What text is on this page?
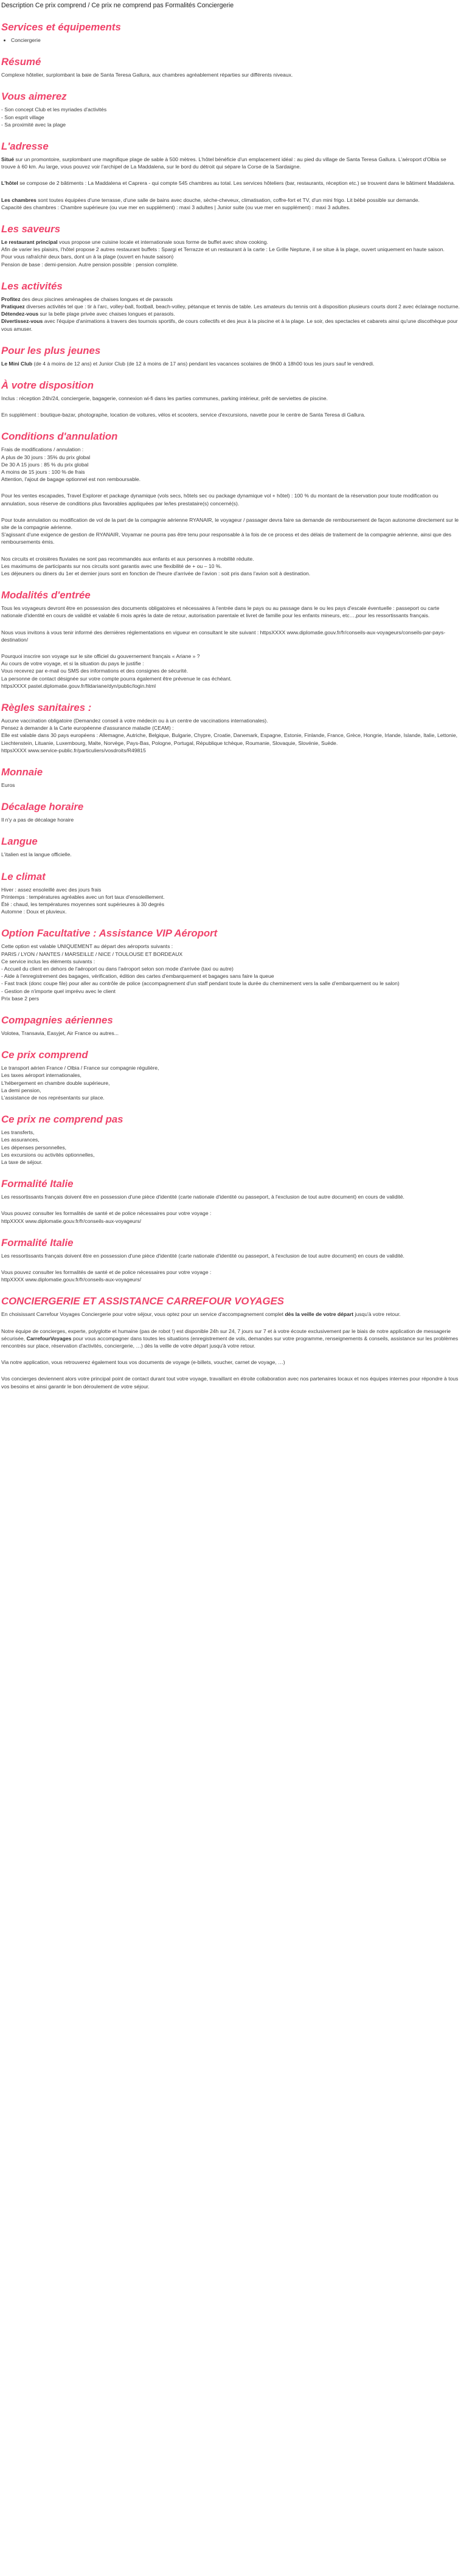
Description Ce prix comprend / Ce prix ne comprend pas Formalités Conciergerie
Services et équipements
• Conciergerie
Résumé

Complexe hôtelier, surplombant la baie de Santa Teresa Gallura, aux chambres agréablement réparties sur différents niveaux.

Vous aimerez

- Son concept Club et les myriades d'activités
- Son esprit village
- Sa proximité avec la plage

L'adresse

Situé sur un promontoire, surplombant une magnifique plage de sable à 500 mètres. L'hôtel bénéficie d'un emplacement idéal : au pied du village de Santa Teresa Gallura. L'aéroport d'Olbia se trouve à 60 km. Au large, vous pouvez voir l'archipel de La Maddalena, sur le bord du détroit qui sépare la Corse de la Sardaigne.

L'hôtel se compose de 2 bâtiments : La Maddalena et Caprera - qui compte 545 chambres au total. Les services hôteliers (bar, restaurants, réception etc.) se trouvent dans le bâtiment Maddalena.

Les chambres sont toutes équipées d'une terrasse, d'une salle de bains avec douche, sèche-cheveux, climatisation, coffre-fort et TV, d'un mini frigo. Lit bébé possible sur demande.
Capacité des chambres : Chambre supérieure (ou vue mer en supplément) : maxi 3 adultes | Junior suite (ou vue mer en supplément) : maxi 3 adultes.

Les saveurs

Le restaurant principal vous propose une cuisine locale et internationale sous forme de buffet avec show cooking.
Afin de varier les plaisirs, l'hôtel propose 2 autres restaurant buffets : Spargi et Terrazze et un restaurant à la carte : Le Grille Neptune, il se situe à la plage, ouvert uniquement en haute saison.
Pour vous rafraîchir deux bars, dont un à la plage (ouvert en haute saison)
Pension de base : demi-pension. Autre pension possible : pension complète.

Les activités

Profitez des deux piscines aménagées de chaises longues et de parasols
Pratiquez diverses activités tel que : tir à l'arc, volley-ball, football, beach-volley, pétanque et tennis de table. Les amateurs du tennis ont à disposition plusieurs courts dont 2 avec éclairage nocturne.
Détendez-vous sur la belle plage privée avec chaises longues et parasols.
Divertissez-vous avec l'équipe d'animations à travers des tournois sportifs, de cours collectifs et des jeux à la piscine et à la plage. Le soir, des spectacles et cabarets ainsi qu'une discothèque pour vous amuser.

Pour les plus jeunes

Le Mini Club (de 4 à moins de 12 ans) et Junior Club (de 12 à moins de 17 ans) pendant les vacances scolaires de 9h00 à 18h00 tous les jours sauf le vendredi.

À votre disposition

Inclus : réception 24h/24, conciergerie, bagagerie, connexion wi-fi dans les parties communes, parking intérieur, prêt de serviettes de piscine.

En supplément : boutique-bazar, photographe, location de voitures, vélos et scooters, service d'excursions, navette pour le centre de Santa Teresa di Gallura.

Conditions d'annulation

Frais de modifications / annulation :
A plus de 30 jours : 35% du prix global
De 30 A 15 jours : 85 % du prix global
A moins de 15 jours : 100 % de frais
Attention, l'ajout de bagage optionnel est non remboursable.

Pour les ventes escapades, Travel Explorer et package dynamique (vols secs, hôtels sec ou package dynamique vol + hôtel) : 100 % du montant de la réservation pour toute modification ou annulation, sous réserve de conditions plus favorables appliquées par le/les prestataire(s) concerné(s).

Pour toute annulation ou modification de vol de la part de la compagnie aérienne RYANAIR, le voyageur / passager devra faire sa demande de remboursement de façon autonome directement sur le site de la compagnie aérienne.
S'agissant d'une exigence de gestion de RYANAIR, Voyamar ne pourra pas être tenu pour responsable à la fois de ce process et des délais de traitement de la compagnie aérienne, ainsi que des remboursements émis.

Nos circuits et croisières fluviales ne sont pas recommandés aux enfants et aux personnes à mobilité réduite.
Les maximums de participants sur nos circuits sont garantis avec une flexibilité de + ou – 10 %.
Les déjeuners ou diners du 1er et dernier jours sont en fonction de l'heure d'arrivée de l'avion : soit pris dans l'avion soit à destination.

Modalités d'entrée

Tous les voyageurs devront être en possession des documents obligatoires et nécessaires à l'entrée dans le pays ou au passage dans le ou les pays d'escale éventuelle : passeport ou carte nationale d'identité en cours de validité et valable 6 mois après la date de retour, autorisation parentale et livret de famille pour les enfants mineurs, etc…,pour les ressortissants français.

Nous vous invitons à vous tenir informé des dernières réglementations en vigueur en consultant le site suivant : httpsXXXX www.diplomatie.gouv.fr/fr/conseils-aux-voyageurs/conseils-par-pays-destination/

Pourquoi inscrire son voyage sur le site officiel du gouvernement français « Ariane » ?
Au cours de votre voyage, et si la situation du pays le justifie :
Vous recevrez par e-mail ou SMS des informations et des consignes de sécurité.
La personne de contact désignée sur votre compte pourra également être prévenue le cas échéant.
httpsXXXX pastel.diplomatie.gouv.fr/fildariane/dyn/public/login.html

Règles sanitaires :

Aucune vaccination obligatoire (Demandez conseil à votre médecin ou à un centre de vaccinations internationales).
Pensez à demander à la Carte européenne d'assurance maladie (CEAM) :
Elle est valable dans 30 pays européens : Allemagne, Autriche, Belgique, Bulgarie, Chypre, Croatie, Danemark, Espagne, Estonie, Finlande, France, Grèce, Hongrie, Irlande, Islande, Italie, Lettonie, Liechtenstein, Lituanie, Luxembourg, Malte, Norvège, Pays-Bas, Pologne, Portugal, République tchèque, Roumanie, Slovaquie, Slovénie, Suède.
httpsXXXX www.service-public.fr/particuliers/vosdroits/R49815

Monnaie

Euros

Décalage horaire

Il n'y a pas de décalage horaire

Langue

L'italien est la langue officielle.

Le climat

Hiver : assez ensoleillé avec des jours frais
Printemps : températures agréables avec un fort taux d'ensoleillement.
Été : chaud, les températures moyennes sont supérieures à 30 degrés
Automne : Doux et pluvieux.

Option Facultative : Assistance VIP Aéroport

Cette option est valable UNIQUEMENT au départ des aéroports suivants :
PARIS / LYON / NANTES / MARSEILLE / NICE / TOULOUSE ET BORDEAUX
Ce service inclus les éléments suivants :
- Accueil du client en dehors de l'aéroport ou dans l'aéroport selon son mode d'arrivée (taxi ou autre)
- Aide à l'enregistrement des bagages, vérification, édition des cartes d'embarquement et bagages sans faire la queue
- Fast track (donc coupe file) pour aller au contrôle de police (accompagnement d'un staff pendant toute la durée du cheminement vers la salle d'embarquement ou le salon)
- Gestion de n'importe quel imprévu avec le client
Prix base 2 pers

Compagnies aériennes

Volotea, Transavia, Easyjet, Air France ou autres...

Ce prix comprend

Le transport aérien France / Olbia / France sur compagnie régulière,
Les taxes aéroport internationales,
L'hébergement en chambre double supérieure,
La demi pension,
L'assistance de nos représentants sur place.

Ce prix ne comprend pas

Les transferts,
Les assurances,
Les dépenses personnelles,
Les excursions ou activités optionnelles,
La taxe de séjour.

Formalité Italie

Les ressortissants français doivent être en possession d'une pièce d'identité (carte nationale d'identité ou passeport, à l'exclusion de tout autre document) en cours de validité.

Vous pouvez consulter les formalités de santé et de police nécessaires pour votre voyage :
httpXXXX www.diplomatie.gouv.fr/fr/conseils-aux-voyageurs/

Formalité Italie

Les ressortissants français doivent être en possession d'une pièce d'identité (carte nationale d'identité ou passeport, à l'exclusion de tout autre document) en cours de validité.

Vous pouvez consulter les formalités de santé et de police nécessaires pour votre voyage :
httpXXXX www.diplomatie.gouv.fr/fr/conseils-aux-voyageurs/

CONCIERGERIE ET ASSISTANCE CARREFOUR VOYAGES

En choisissant Carrefour Voyages Conciergerie pour votre séjour, vous optez pour un service d'accompagnement complet dès la veille de votre départ jusqu'à votre retour.

Notre équipe de concierges, experte, polyglotte et humaine (pas de robot !) est disponible 24h sur 24, 7 jours sur 7 et à votre écoute exclusivement par le biais de notre application de messagerie sécurisée, CarrefourVoyages pour vous accompagner dans toutes les situations (enregistrement de vols, demandes sur votre programme, renseignements & conseils, assistance sur les problèmes rencontrés sur place, réservation d'activités, conciergerie, …) dès la veille de votre départ jusqu'à votre retour.

Via notre application, vous retrouverez également tous vos documents de voyage (e-billets, voucher, carnet de voyage, …)

Vos concierges deviennent alors votre principal point de contact durant tout votre voyage, travaillant en étroite collaboration avec nos partenaires locaux et nos équipes internes pour répondre à tous vos besoins et ainsi garantir le bon déroulement de votre séjour.
